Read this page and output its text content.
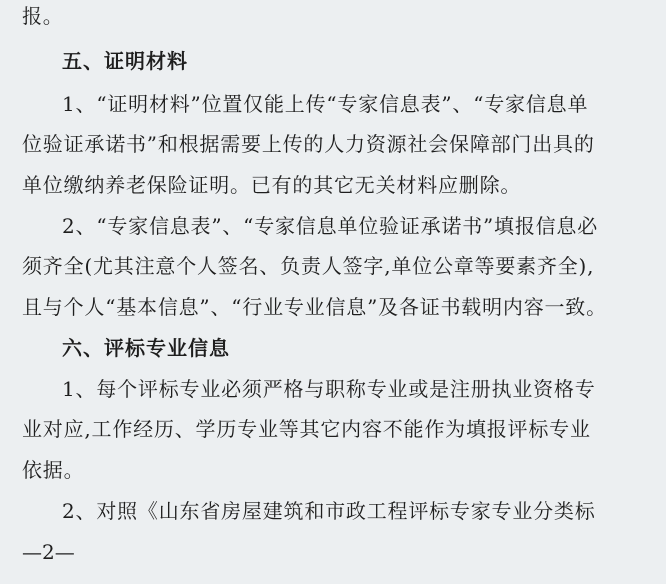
报。
五、证明材料
1、“证明材料”位置仅能上传“专家信息表”、“专家信息单
位验证承诺书”和根据需要上传的人力资源社会保障部门出具的
单位缴纳养老保险证明。已有的其它无关材料应删除。
2、“专家信息表”、“专家信息单位验证承诺书”填报信息必
须齐全(尤其注意个人签名、负责人签字,单位公章等要素齐全),
且与个人“基本信息”、“行业专业信息”及各证书载明内容一致。
六、评标专业信息
1、每个评标专业必须严格与职称专业或是注册执业资格专
业对应,工作经历、学历专业等其它内容不能作为填报评标专业
依据。
2、对照《山东省房屋建筑和市政工程评标专家专业分类标
—2—
